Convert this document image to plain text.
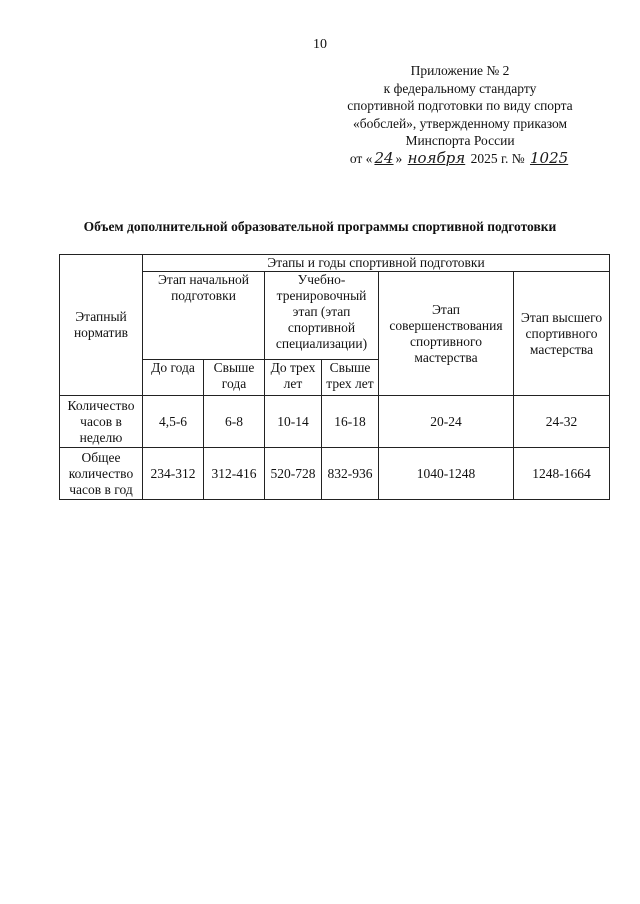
10
Приложение № 2
к федеральному стандарту
спортивной подготовки по виду спорта
«бобслей», утвержденному приказом
Минспорта России
от « 24 » ноября 2025 г. № 1025
Объем дополнительной образовательной программы спортивной подготовки
Этапный норматив	Этапы и годы спортивной подготовки					
	Этап начальной подготовки		Учебно-тренировочный этап (этап спортивной специализации)		Этап совершенствования спортивного мастерства	Этап высшего спортивного мастерства
	До года	Свыше года	До трех лет	Свыше трех лет		
Количество часов в неделю	4,5-6	6-8	10-14	16-18	20-24	24-32
Общее количество часов в год	234-312	312-416	520-728	832-936	1040-1248	1248-1664
